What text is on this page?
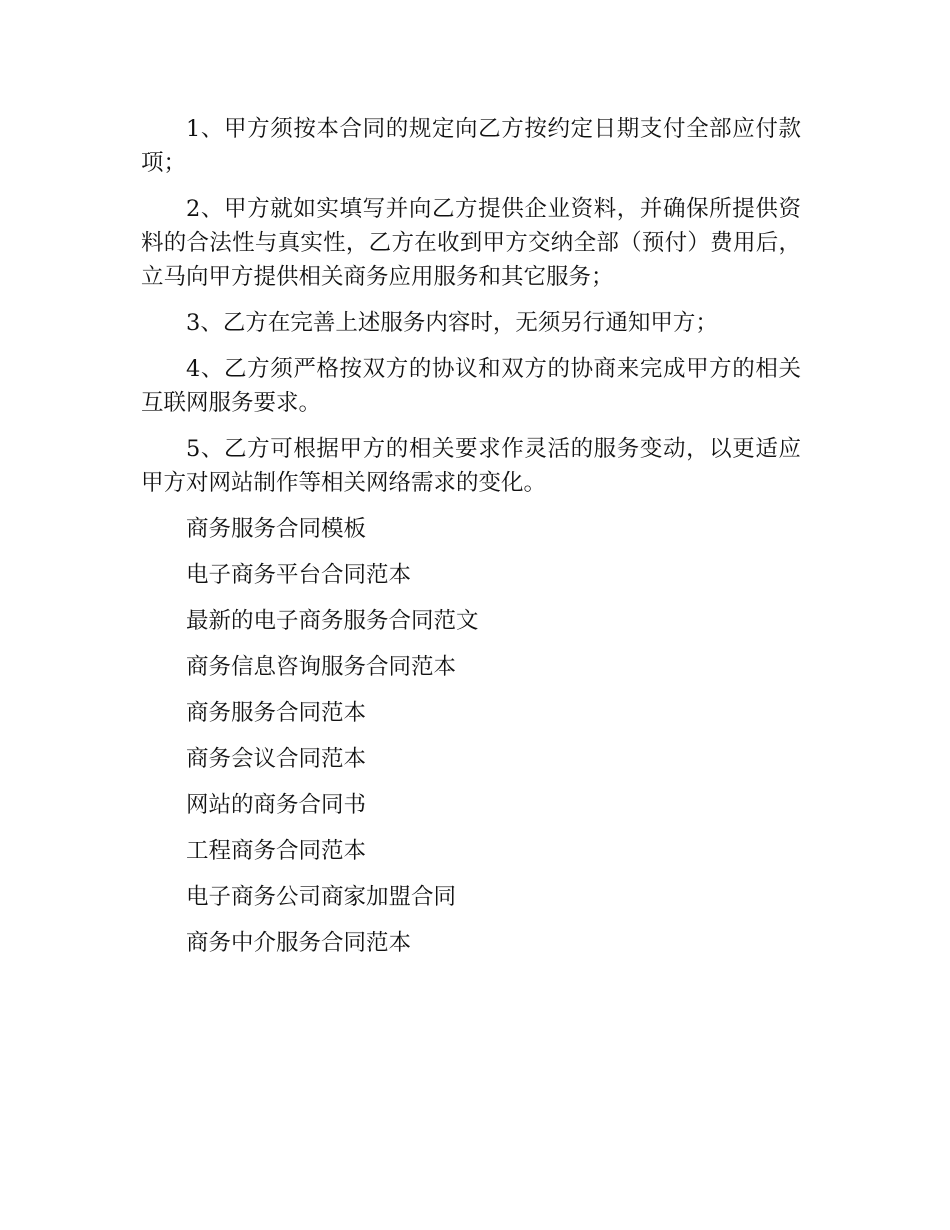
1、甲方须按本合同的规定向乙方按约定日期支付全部应付款项；

2、甲方就如实填写并向乙方提供企业资料，并确保所提供资料的合法性与真实性，乙方在收到甲方交纳全部（预付）费用后，立马向甲方提供相关商务应用服务和其它服务；

3、乙方在完善上述服务内容时，无须另行通知甲方；

4、乙方须严格按双方的协议和双方的协商来完成甲方的相关互联网服务要求。

5、乙方可根据甲方的相关要求作灵活的服务变动，以更适应甲方对网站制作等相关网络需求的变化。

商务服务合同模板
电子商务平台合同范本
最新的电子商务服务合同范文
商务信息咨询服务合同范本
商务服务合同范本
商务会议合同范本
网站的商务合同书
工程商务合同范本
电子商务公司商家加盟合同
商务中介服务合同范本
